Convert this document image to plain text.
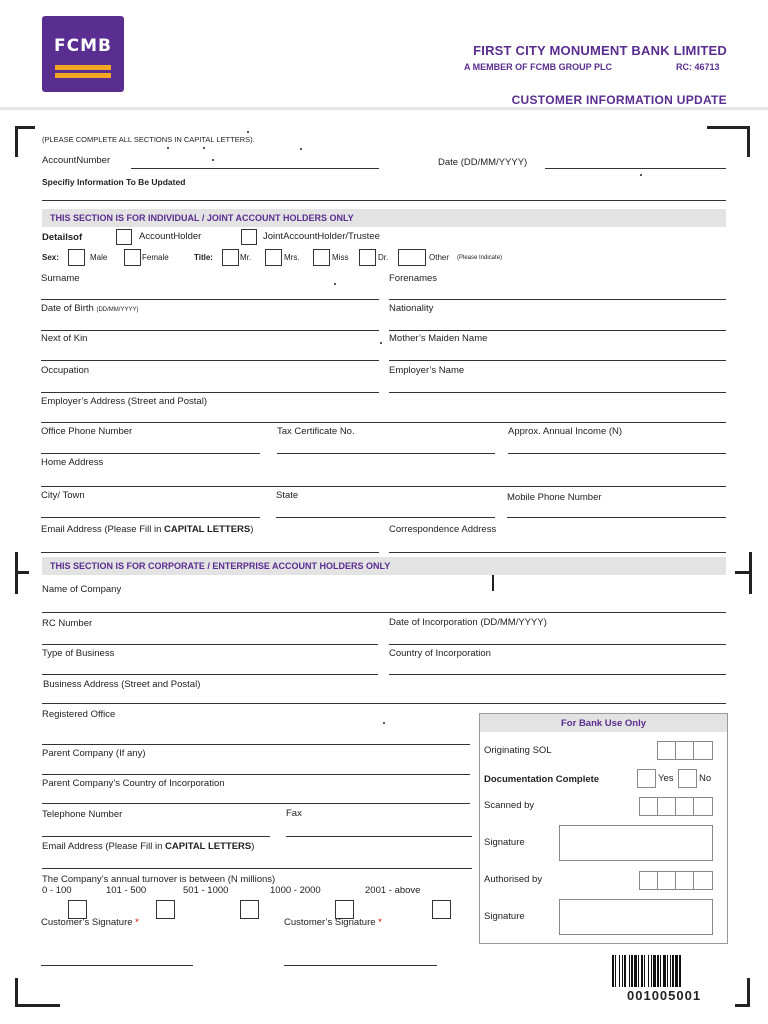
FCMB	FIRST CITY MONUMENT BANK LIMITED
A MEMBER OF FCMB GROUP PLC	RC: 46713
CUSTOMER INFORMATION UPDATE
(PLEASE COMPLETE ALL SECTIONS IN CAPITAL LETTERS).
AccountNumber	Date (DD/MM/YYYY)
Specifiy Information To Be Updated
THIS SECTION IS FOR INDIVIDUAL / JOINT ACCOUNT HOLDERS ONLY
Detailsof	AccountHolder	JointAccountHolder/Trustee
Sex:	Male	Female	Title:	Mr.	Mrs.	Miss	Dr.	Other (Please Indicate)
Surname	Forenames
Date of Birth (DD/MM/YYYY)	Nationality
Next of Kin	Mother’s Maiden Name
Occupation	Employer’s Name
Employer’s Address (Street and Postal)
Office Phone Number	Tax Certificate No.	Approx. Annual Income (N)
Home Address
City/ Town	State	Mobile Phone Number
Email Address (Please Fill in CAPITAL LETTERS)	Correspondence Address
THIS SECTION IS FOR CORPORATE / ENTERPRISE ACCOUNT HOLDERS ONLY
Name of Company
RC Number	Date of Incorporation (DD/MM/YYYY)
Type of Business	Country of Incorporation
Business Address (Street and Postal)
Registered Office
Parent Company (If any)
Parent Company’s Country of Incorporation
Telephone Number	Fax
Email Address (Please Fill in CAPITAL LETTERS)
The Company’s annual turnover is between (N millions)
0 - 100	101 - 500	501 - 1000	1000 - 2000	2001 - above
Customer’s Signature *	Customer’s Signature *
For Bank Use Only
Originating SOL
Documentation Complete	Yes	No
Scanned by
Signature
Authorised by
Signature
001005001
